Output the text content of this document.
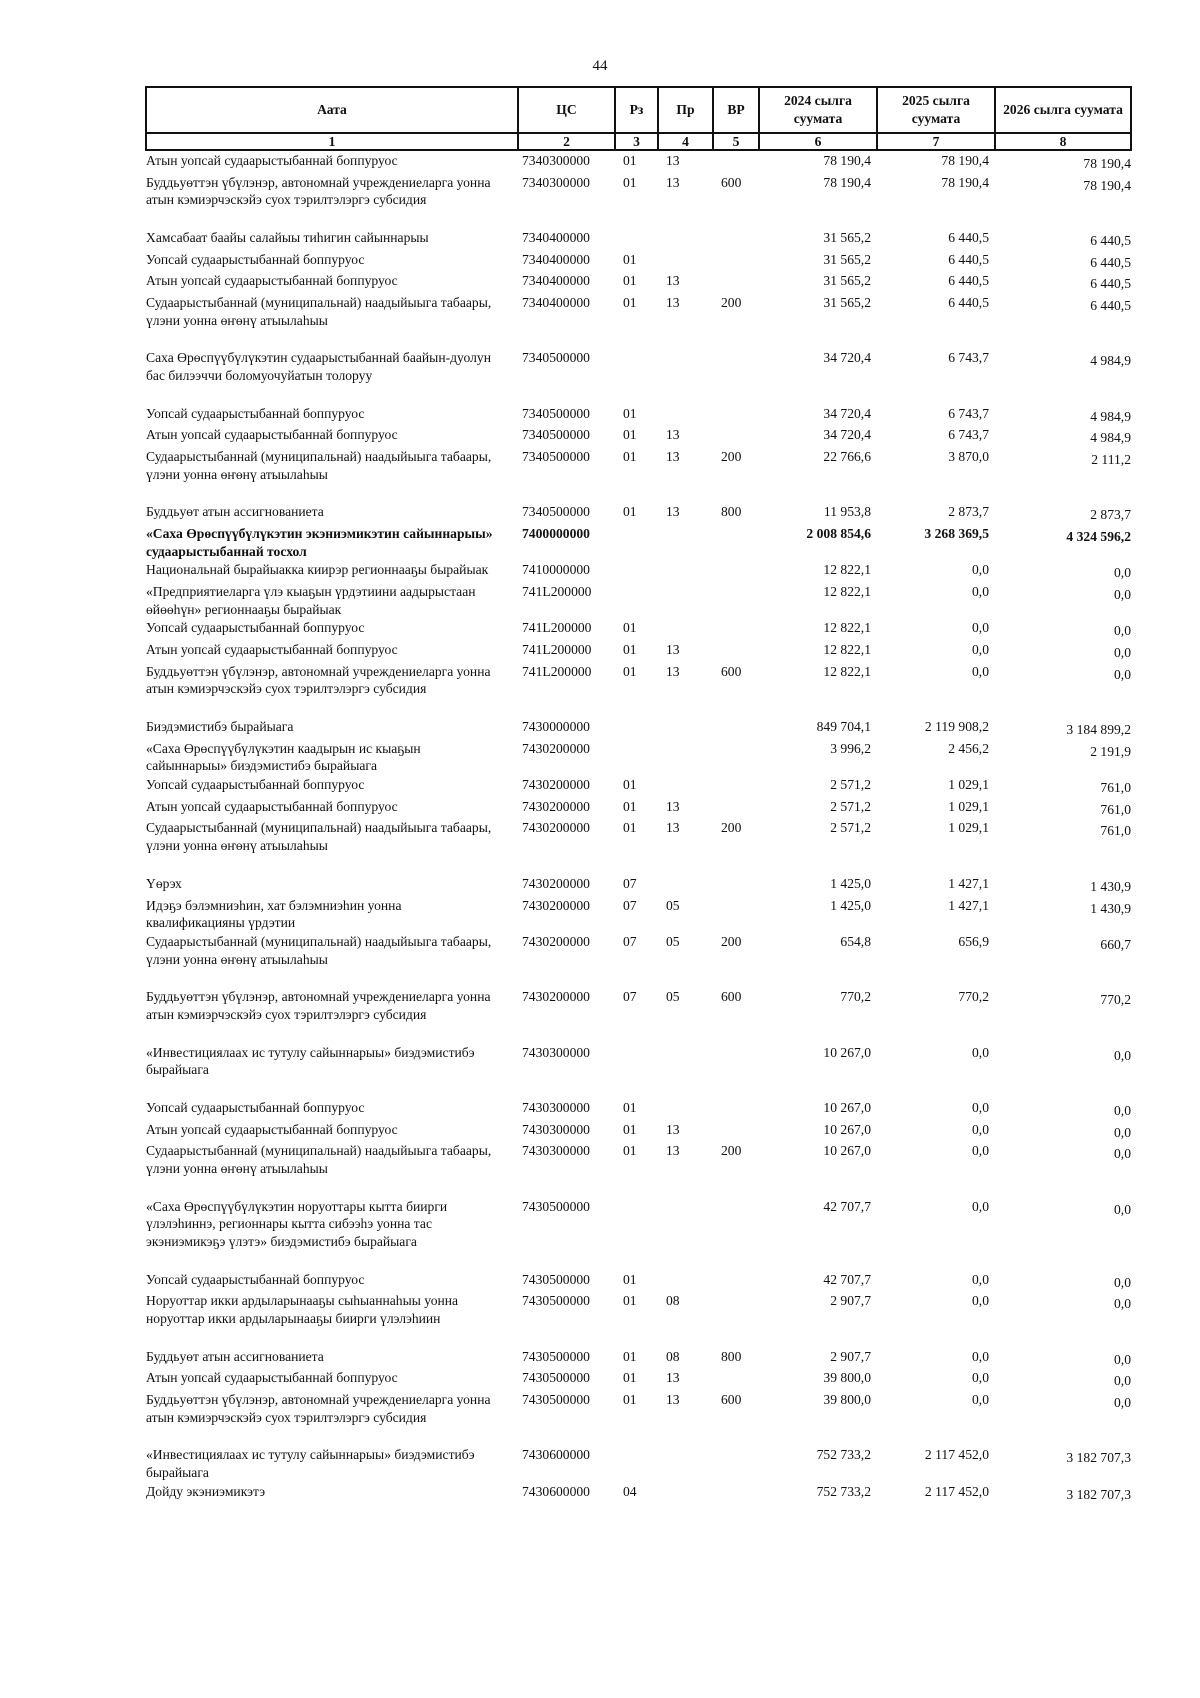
44
Аата	ЦС	Рз	Пр	ВР	2024 сылга суумата	2025 сылга суумата	2026 сылга суумата
1	2	3	4	5	6	7	8
Атын уопсай судаарыстыбаннай боппуруос	7340300000	01	13		78 190,4	78 190,4	78 190,4
Буддьуөттэн үбүлэнэр, автономнай учреждениеларга уонна атын кэмиэрчэскэйэ суох тэрилтэлэргэ субсидия	7340300000	01	13	600	78 190,4	78 190,4	78 190,4

Хамсабаат баайы салайыы тиһигин сайыннарыы	7340400000				31 565,2	6 440,5	6 440,5
Уопсай судаарыстыбаннай боппуруос	7340400000	01			31 565,2	6 440,5	6 440,5
Атын уопсай судаарыстыбаннай боппуруос	7340400000	01	13		31 565,2	6 440,5	6 440,5
Судаарыстыбаннай (муниципальнай) наадыйыыга табаары, үлэни уонна өҥөнү атыылаһыы	7340400000	01	13	200	31 565,2	6 440,5	6 440,5

Саха Өрөспүүбүлүкэтин судаарыстыбаннай баайын-дуолун бас билээччи боломуочуйатын толоруу	7340500000				34 720,4	6 743,7	4 984,9

Уопсай судаарыстыбаннай боппуруос	7340500000	01			34 720,4	6 743,7	4 984,9
Атын уопсай судаарыстыбаннай боппуруос	7340500000	01	13		34 720,4	6 743,7	4 984,9
Судаарыстыбаннай (муниципальнай) наадыйыыга табаары, үлэни уонна өҥөнү атыылаһыы	7340500000	01	13	200	22 766,6	3 870,0	2 111,2

Буддьуөт атын ассигнованиета	7340500000	01	13	800	11 953,8	2 873,7	2 873,7
«Саха Өрөспүүбүлүкэтин экэниэмикэтин сайыннарыы» судаарыстыбаннай тосхол	7400000000				2 008 854,6	3 268 369,5	4 324 596,2
Национальнай бырайыакка киирэр регионнааҕы бырайыак	7410000000				12 822,1	0,0	0,0
«Предприятиеларга үлэ кыаҕын үрдэтиини аадырыстаан өйөөһүн» регионнааҕы бырайыак	741L200000				12 822,1	0,0	0,0
Уопсай судаарыстыбаннай боппуруос	741L200000	01			12 822,1	0,0	0,0
Атын уопсай судаарыстыбаннай боппуруос	741L200000	01	13		12 822,1	0,0	0,0
Буддьуөттэн үбүлэнэр, автономнай учреждениеларга уонна атын кэмиэрчэскэйэ суох тэрилтэлэргэ субсидия	741L200000	01	13	600	12 822,1	0,0	0,0

Биэдэмистибэ бырайыага	7430000000				849 704,1	2 119 908,2	3 184 899,2
«Саха Өрөспүүбүлүкэтин каадырын ис кыаҕын сайыннарыы» биэдэмистибэ бырайыага	7430200000				3 996,2	2 456,2	2 191,9
Уопсай судаарыстыбаннай боппуруос	7430200000	01			2 571,2	1 029,1	761,0
Атын уопсай судаарыстыбаннай боппуруос	7430200000	01	13		2 571,2	1 029,1	761,0
Судаарыстыбаннай (муниципальнай) наадыйыыга табаары, үлэни уонна өҥөнү атыылаһыы	7430200000	01	13	200	2 571,2	1 029,1	761,0

Үөрэх	7430200000	07			1 425,0	1 427,1	1 430,9
Идэҕэ бэлэмниэһин, хат бэлэмниэһин уонна квалификацияны үрдэтии	7430200000	07	05		1 425,0	1 427,1	1 430,9
Судаарыстыбаннай (муниципальнай) наадыйыыга табаары, үлэни уонна өҥөнү атыылаһыы	7430200000	07	05	200	654,8	656,9	660,7

Буддьуөттэн үбүлэнэр, автономнай учреждениеларга уонна атын кэмиэрчэскэйэ суох тэрилтэлэргэ субсидия	7430200000	07	05	600	770,2	770,2	770,2

«Инвестициялаах ис тутулу сайыннарыы» биэдэмистибэ бырайыага	7430300000				10 267,0	0,0	0,0

Уопсай судаарыстыбаннай боппуруос	7430300000	01			10 267,0	0,0	0,0
Атын уопсай судаарыстыбаннай боппуруос	7430300000	01	13		10 267,0	0,0	0,0
Судаарыстыбаннай (муниципальнай) наадыйыыга табаары, үлэни уонна өҥөнү атыылаһыы	7430300000	01	13	200	10 267,0	0,0	0,0

«Саха Өрөспүүбүлүкэтин норуоттары кытта биирги үлэлэһиннэ, регионнары кытта сибээһэ уонна тас экэниэмикэҕэ үлэтэ» биэдэмистибэ бырайыага	7430500000				42 707,7	0,0	0,0

Уопсай судаарыстыбаннай боппуруос	7430500000	01			42 707,7	0,0	0,0
Норуоттар икки ардыларынааҕы сыһыаннаһыы уонна норуоттар икки ардыларынааҕы биирги үлэлэһиин	7430500000	01	08		2 907,7	0,0	0,0

Буддьуөт атын ассигнованиета	7430500000	01	08	800	2 907,7	0,0	0,0
Атын уопсай судаарыстыбаннай боппуруос	7430500000	01	13		39 800,0	0,0	0,0
Буддьуөттэн үбүлэнэр, автономнай учреждениеларга уонна атын кэмиэрчэскэйэ суох тэрилтэлэргэ субсидия	7430500000	01	13	600	39 800,0	0,0	0,0

«Инвестициялаах ис тутулу сайыннарыы» биэдэмистибэ бырайыага	7430600000				752 733,2	2 117 452,0	3 182 707,3
Дойду экэниэмикэтэ	7430600000	04			752 733,2	2 117 452,0	3 182 707,3
